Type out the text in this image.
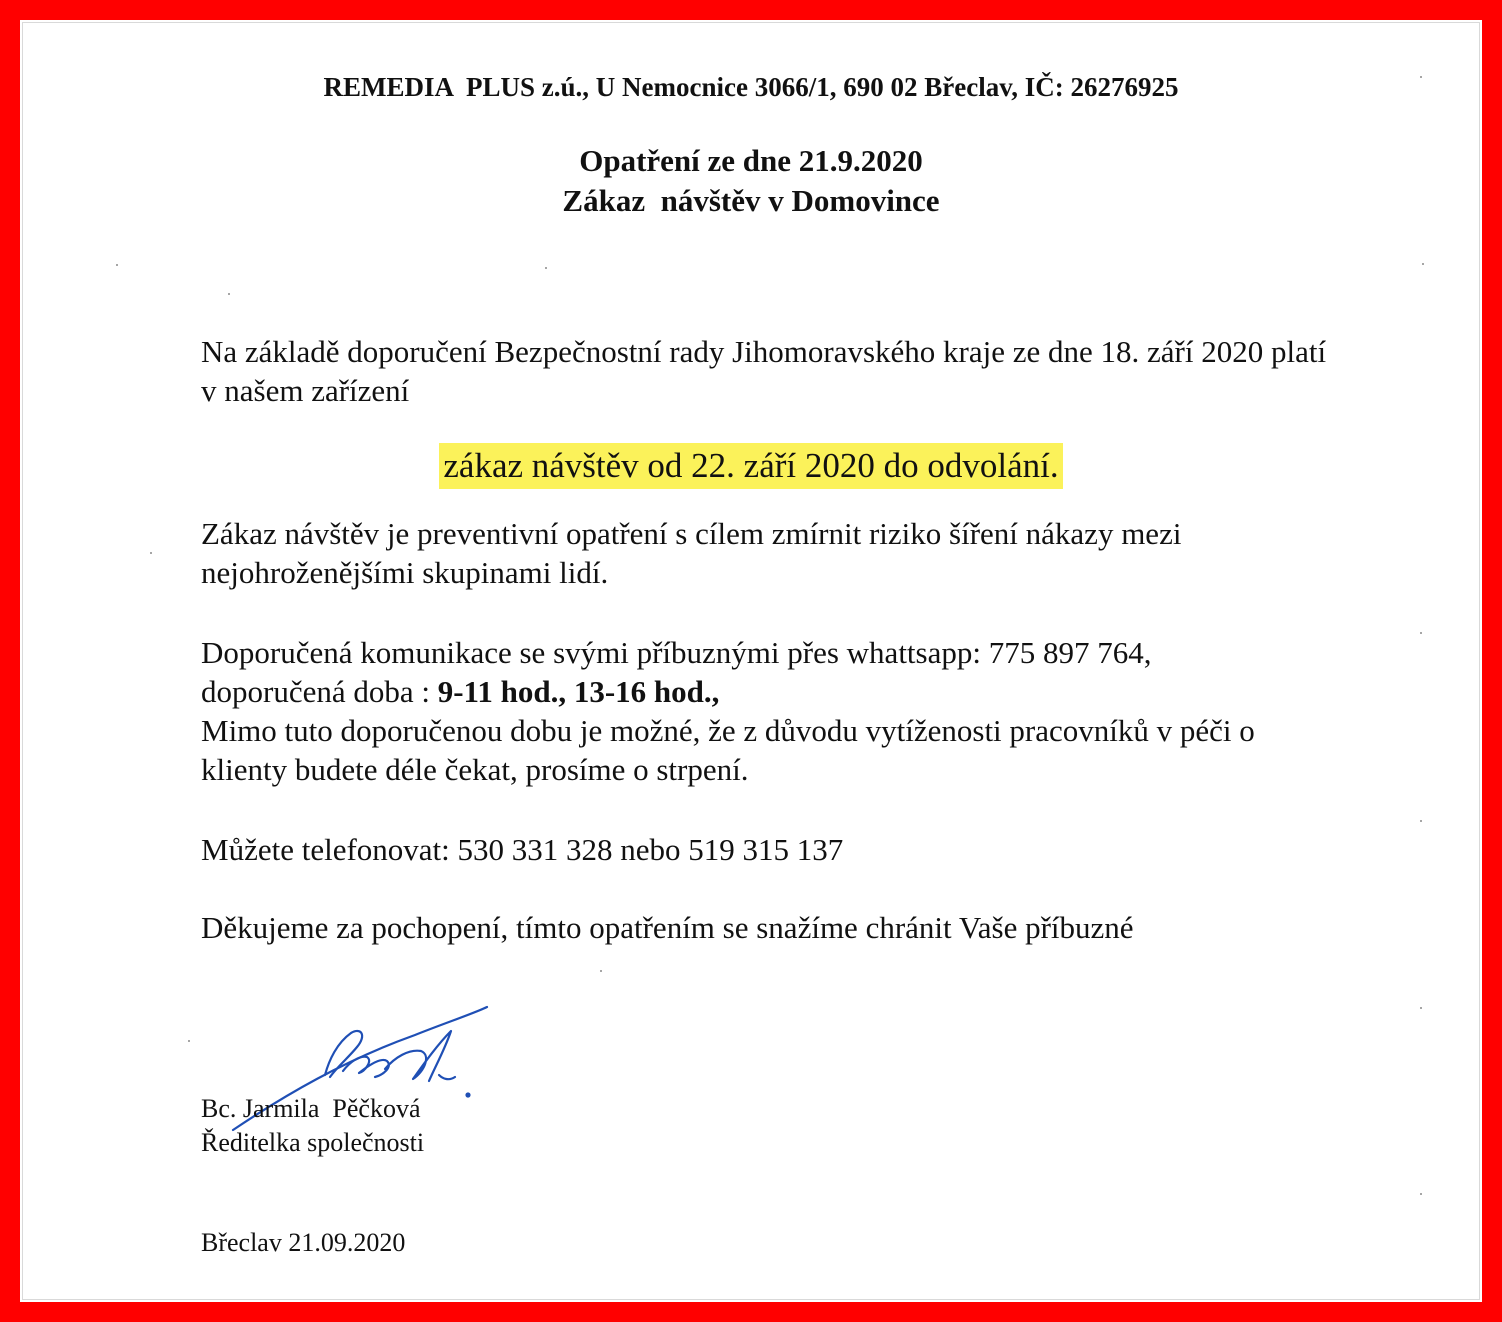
REMEDIA  PLUS z.ú., U Nemocnice 3066/1, 690 02 Břeclav, IČ: 26276925
Opatření ze dne 21.9.2020
Zákaz  návštěv v Domovince
Na základě doporučení Bezpečnostní rady Jihomoravského kraje ze dne 18. září 2020 platí v našem zařízení
zákaz návštěv od 22. září 2020 do odvolání.
Zákaz návštěv je preventivní opatření s cílem zmírnit riziko šíření nákazy mezi nejohroženějšími skupinami lidí.
Doporučená komunikace se svými příbuznými přes whattsapp: 775 897 764,
doporučená doba : 9-11 hod., 13-16 hod.,
Mimo tuto doporučenou dobu je možné, že z důvodu vytíženosti pracovníků v péči o klienty budete déle čekat, prosíme o strpení.
Můžete telefonovat: 530 331 328 nebo 519 315 137
Děkujeme za pochopení, tímto opatřením se snažíme chránit Vaše příbuzné
Bc. Jarmila  Pěčková
Ředitelka společnosti
Břeclav 21.09.2020
